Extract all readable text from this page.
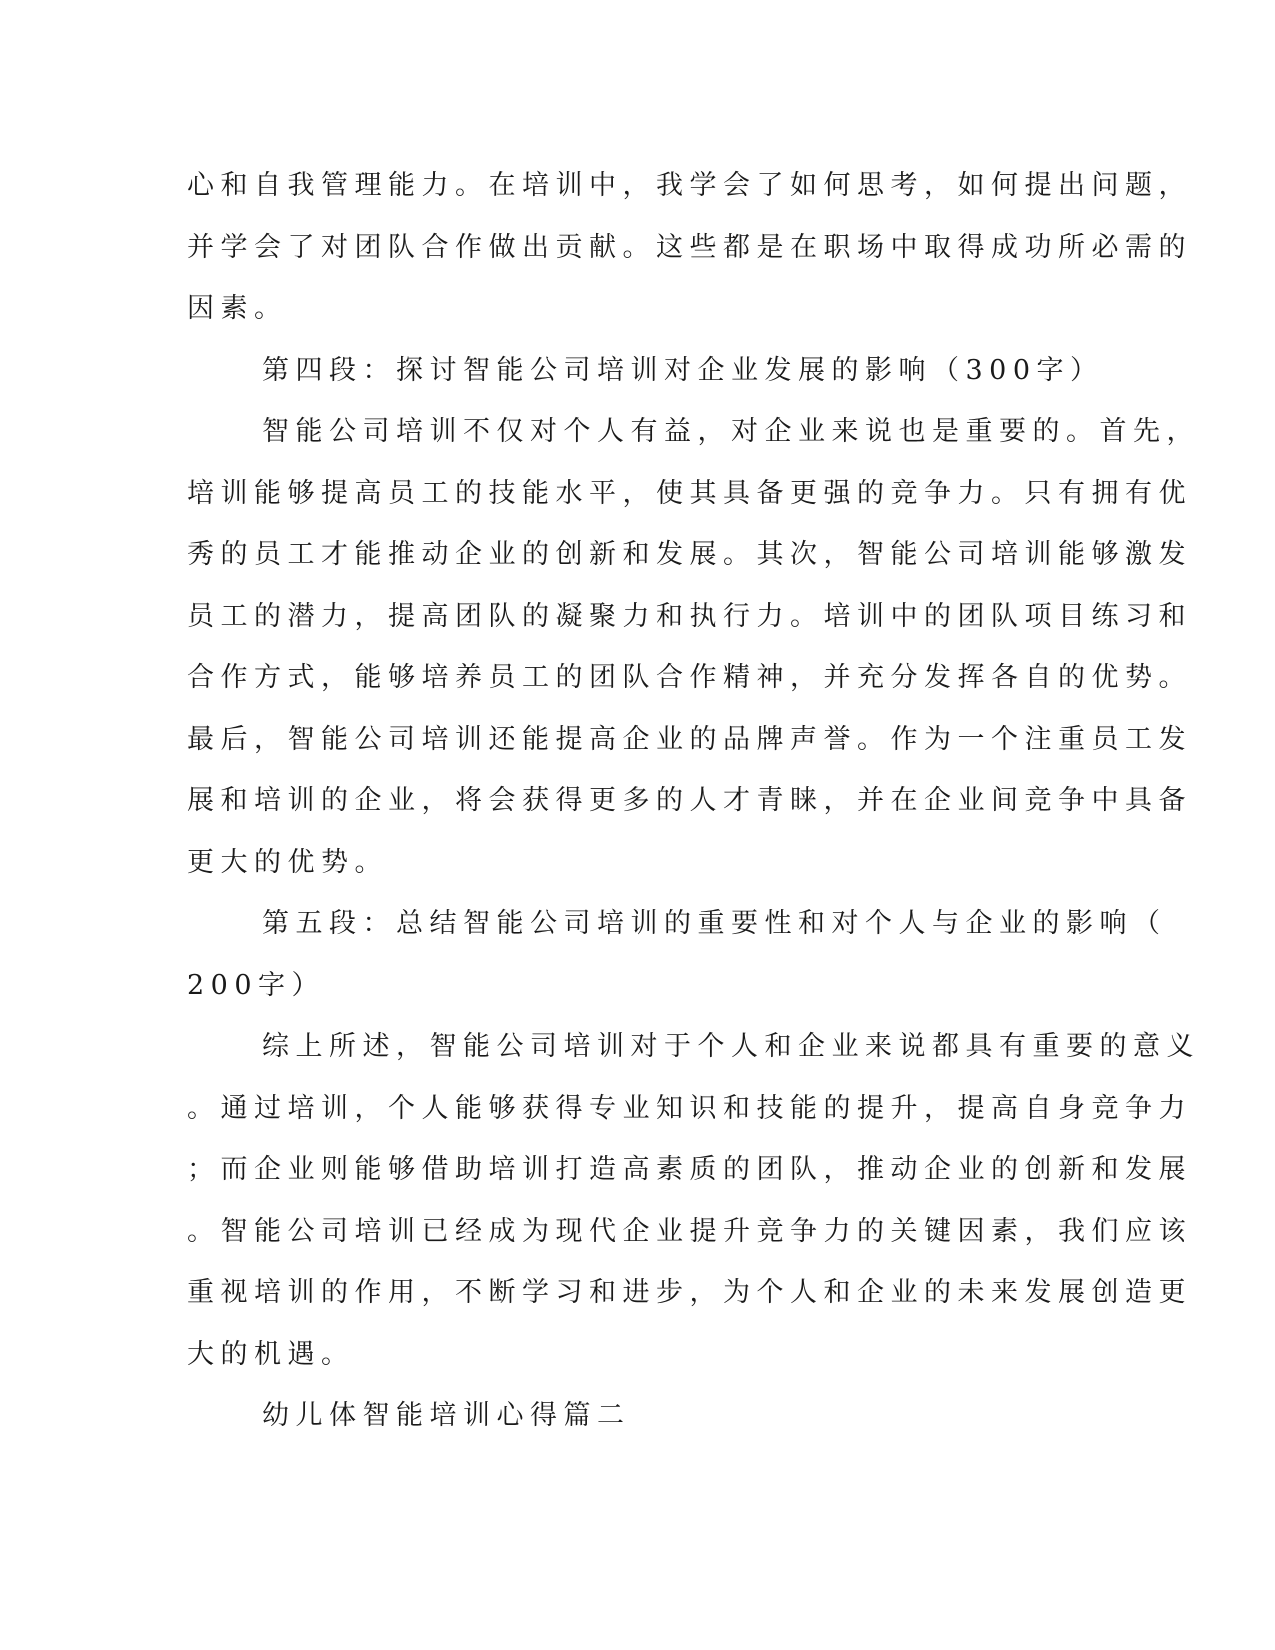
心和自我管理能力。在培训中，我学会了如何思考，如何提出问题，
并学会了对团队合作做出贡献。这些都是在职场中取得成功所必需的
因素。
第四段：探讨智能公司培训对企业发展的影响（300字）
智能公司培训不仅对个人有益，对企业来说也是重要的。首先，
培训能够提高员工的技能水平，使其具备更强的竞争力。只有拥有优
秀的员工才能推动企业的创新和发展。其次，智能公司培训能够激发
员工的潜力，提高团队的凝聚力和执行力。培训中的团队项目练习和
合作方式，能够培养员工的团队合作精神，并充分发挥各自的优势。
最后，智能公司培训还能提高企业的品牌声誉。作为一个注重员工发
展和培训的企业，将会获得更多的人才青睐，并在企业间竞争中具备
更大的优势。
第五段：总结智能公司培训的重要性和对个人与企业的影响（
200字）
综上所述，智能公司培训对于个人和企业来说都具有重要的意义
。通过培训，个人能够获得专业知识和技能的提升，提高自身竞争力
；而企业则能够借助培训打造高素质的团队，推动企业的创新和发展
。智能公司培训已经成为现代企业提升竞争力的关键因素，我们应该
重视培训的作用，不断学习和进步，为个人和企业的未来发展创造更
大的机遇。
幼儿体智能培训心得篇二
